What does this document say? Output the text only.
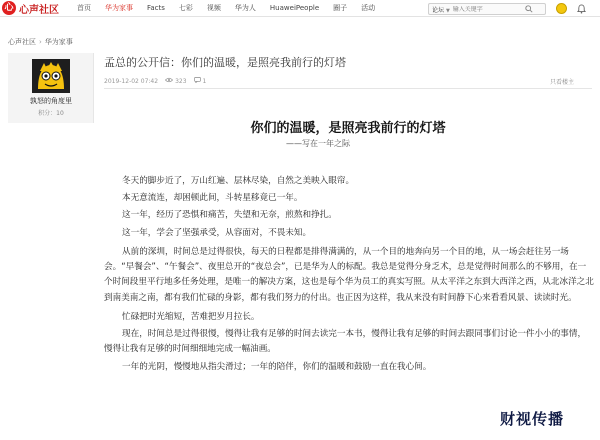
心 心声社区	首页 华为家事 Facts 七彩 视频 华为人 HuaweiPeople 圈子 活动	论坛 ▼
输入关键字
心声社区 › 华为家事
孰怒的角度里
积分：10
孟总的公开信：你们的温暖，是照亮我前行的灯塔
2019-12-02 07:42	323	1	只看楼主
你们的温暖，是照亮我前行的灯塔
——写在一年之际

冬天的脚步近了，万山红遍、层林尽染，自然之美映入眼帘。

本无意流连，却困顿此间，斗转星移竟已一年。

这一年，经历了恐惧和痛苦，失望和无奈，煎熬和挣扎。

这一年，学会了坚强承受，从容面对，不畏未知。

从前的深圳，时间总是过得很快，每天的日程都是排得满满的，从一个目的地奔向另一个目的地，从一场会赶往另一场会。“早餐会”、“午餐会”、夜里总开的“夜总会”，已是华为人的标配。我总是觉得分身乏术，总是觉得时间那么的不够用，在一个时间段里平行地多任务处理，是唯一的解决方案，这也是每个华为员工的真实写照。从太平洋之东到大西洋之西，从北冰洋之北到南美南之南，都有我们忙碌的身影，都有我们努力的付出。也正因为这样，我从来没有时间静下心来看看风景、读读时光。

忙碌把时光缩短，苦难把岁月拉长。

现在，时间总是过得很慢，慢得让我有足够的时间去读完一本书，慢得让我有足够的时间去跟同事们讨论一件小小的事情，慢得让我有足够的时间细细地完成一幅油画。

一年的光阴，慢慢地从指尖滑过；一年的陪伴，你们的温暖和鼓励一直在我心间。

财视传播
